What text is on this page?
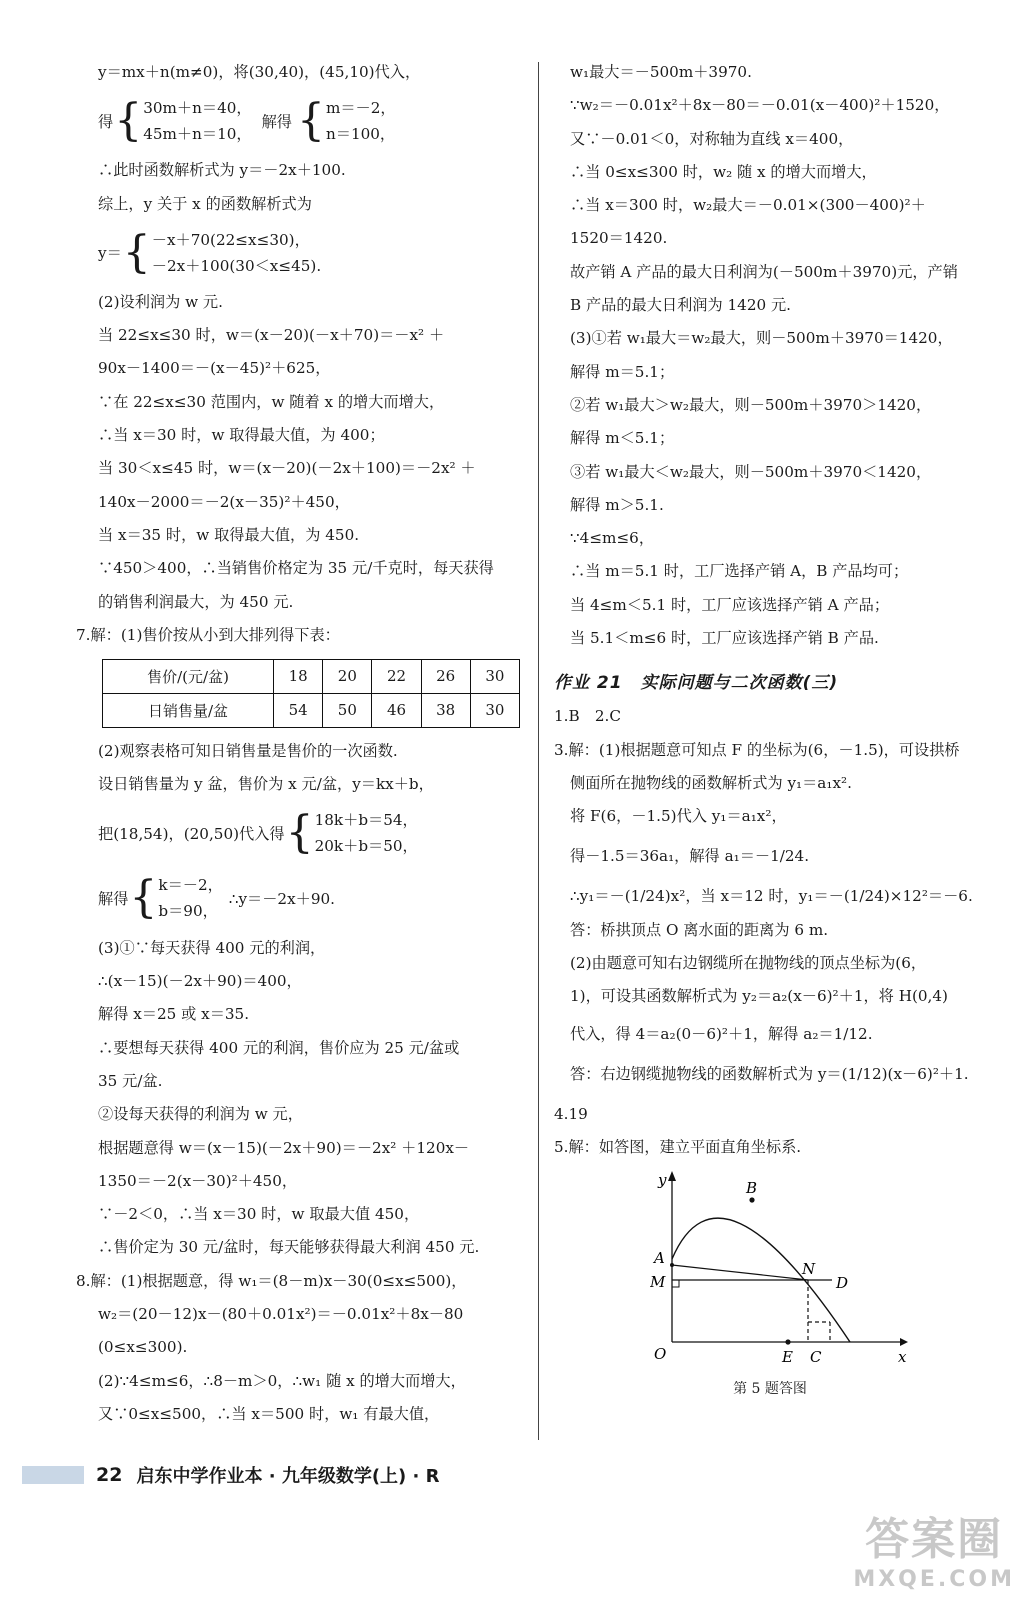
y＝mx＋n(m≠0)，将(30,40)，(45,10)代入，
得 { 30m＋n＝40，
45m＋n＝10，
解得 { m＝－2，
n＝100，
∴此时函数解析式为 y＝－2x＋100.
综上，y 关于 x 的函数解析式为
y＝ { －x＋70(22≤x≤30)，
－2x＋100(30＜x≤45).
(2)设利润为 w 元.
当 22≤x≤30 时，w＝(x－20)(－x＋70)＝－x² ＋
90x－1400＝－(x－45)²＋625，
∵在 22≤x≤30 范围内，w 随着 x 的增大而增大，
∴当 x＝30 时，w 取得最大值，为 400；
当 30＜x≤45 时，w＝(x－20)(－2x＋100)＝－2x² ＋
140x－2000＝－2(x－35)²＋450，
当 x＝35 时，w 取得最大值，为 450.
∵450＞400，∴当销售价格定为 35 元/千克时，每天获得
的销售利润最大，为 450 元.
7.解：(1)售价按从小到大排列得下表：
售价/(元/盆)	18	20	22	26	30
日销售量/盆	54	50	46	38	30
(2)观察表格可知日销售量是售价的一次函数.
设日销售量为 y 盆，售价为 x 元/盆，y＝kx＋b，
把(18,54)，(20,50)代入得 { 18k＋b＝54，
20k＋b＝50，
解得 { k＝－2，
b＝90，
∴y＝－2x＋90.
(3)①∵每天获得 400 元的利润，
∴(x－15)(－2x＋90)＝400，
解得 x＝25 或 x＝35.
∴要想每天获得 400 元的利润，售价应为 25 元/盆或
35 元/盆.
②设每天获得的利润为 w 元，
根据题意得 w＝(x－15)(－2x＋90)＝－2x² ＋120x－
1350＝－2(x－30)²＋450，
∵－2＜0，∴当 x＝30 时，w 取最大值 450，
∴售价定为 30 元/盆时，每天能够获得最大利润 450 元.
8.解：(1)根据题意，得 w₁＝(8－m)x－30(0≤x≤500)，
w₂＝(20－12)x－(80＋0.01x²)＝－0.01x²＋8x－80
(0≤x≤300).
(2)∵4≤m≤6，∴8－m＞0，∴w₁ 随 x 的增大而增大，
又∵0≤x≤500，∴当 x＝500 时，w₁ 有最大值，
w₁最大＝－500m＋3970.
∵w₂＝－0.01x²＋8x－80＝－0.01(x－400)²＋1520，
又∵－0.01＜0，对称轴为直线 x＝400，
∴当 0≤x≤300 时，w₂ 随 x 的增大而增大，
∴当 x＝300 时，w₂最大＝－0.01×(300－400)²＋
1520＝1420.
故产销 A 产品的最大日利润为(－500m＋3970)元，产销
B 产品的最大日利润为 1420 元.
(3)①若 w₁最大＝w₂最大，则－500m＋3970＝1420，
解得 m＝5.1；
②若 w₁最大＞w₂最大，则－500m＋3970＞1420，
解得 m＜5.1；
③若 w₁最大＜w₂最大，则－500m＋3970＜1420，
解得 m＞5.1.
∵4≤m≤6，
∴当 m＝5.1 时，工厂选择产销 A，B 产品均可；
当 4≤m＜5.1 时，工厂应该选择产销 A 产品；
当 5.1＜m≤6 时，工厂应该选择产销 B 产品.
作业 21　实际问题与二次函数(三)
1.B　2.C
3.解：(1)根据题意可知点 F 的坐标为(6，－1.5)，可设拱桥
侧面所在抛物线的函数解析式为 y₁＝a₁x².
将 F(6，－1.5)代入 y₁＝a₁x²，
得－1.5＝36a₁，解得 a₁＝－1/24.
∴y₁＝－(1/24)x²，当 x＝12 时，y₁＝－(1/24)×12²＝－6.
答：桥拱顶点 O 离水面的距离为 6 m.
(2)由题意可知右边钢缆所在抛物线的顶点坐标为(6，
1)，可设其函数解析式为 y₂＝a₂(x－6)²＋1，将 H(0,4)
代入，得 4＝a₂(0－6)²＋1，解得 a₂＝1/12.
答：右边钢缆抛物线的函数解析式为 y＝(1/12)(x－6)²＋1.
4.19
5.解：如答图，建立平面直角坐标系.
y
x
O
A
B
M
N
D
E C
第 5 题答图
22 启东中学作业本 · 九年级数学(上) · R
答案圈
MXQE.COM
